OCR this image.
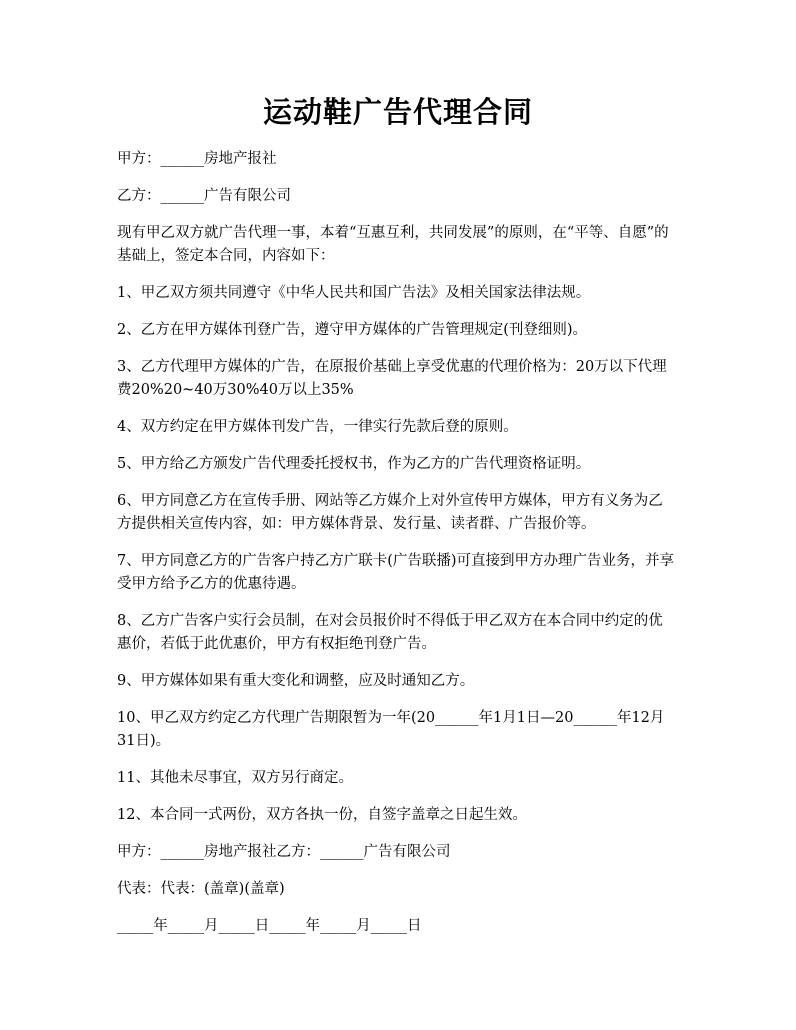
运动鞋广告代理合同

甲方：______房地产报社

乙方：______广告有限公司

现有甲乙双方就广告代理一事，本着“互惠互利，共同发展”的原则，在“平等、自愿”的基础上，签定本合同，内容如下：

1、甲乙双方须共同遵守《中华人民共和国广告法》及相关国家法律法规。

2、乙方在甲方媒体刊登广告，遵守甲方媒体的广告管理规定(刊登细则)。

3、乙方代理甲方媒体的广告，在原报价基础上享受优惠的代理价格为：20万以下代理费20%20~40万30%40万以上35%

4、双方约定在甲方媒体刊发广告，一律实行先款后登的原则。

5、甲方给乙方颁发广告代理委托授权书，作为乙方的广告代理资格证明。

6、甲方同意乙方在宣传手册、网站等乙方媒介上对外宣传甲方媒体，甲方有义务为乙方提供相关宣传内容，如：甲方媒体背景、发行量、读者群、广告报价等。

7、甲方同意乙方的广告客户持乙方广联卡(广告联播)可直接到甲方办理广告业务，并享受甲方给予乙方的优惠待遇。

8、乙方广告客户实行会员制，在对会员报价时不得低于甲乙双方在本合同中约定的优惠价，若低于此优惠价，甲方有权拒绝刊登广告。

9、甲方媒体如果有重大变化和调整，应及时通知乙方。

10、甲乙双方约定乙方代理广告期限暂为一年(20______年1月1日—20______年12月31日)。

11、其他未尽事宜，双方另行商定。

12、本合同一式两份，双方各执一份，自签字盖章之日起生效。

甲方：______房地产报社乙方：______广告有限公司

代表：代表：(盖章)(盖章)

_____年_____月_____日_____年_____月_____日
